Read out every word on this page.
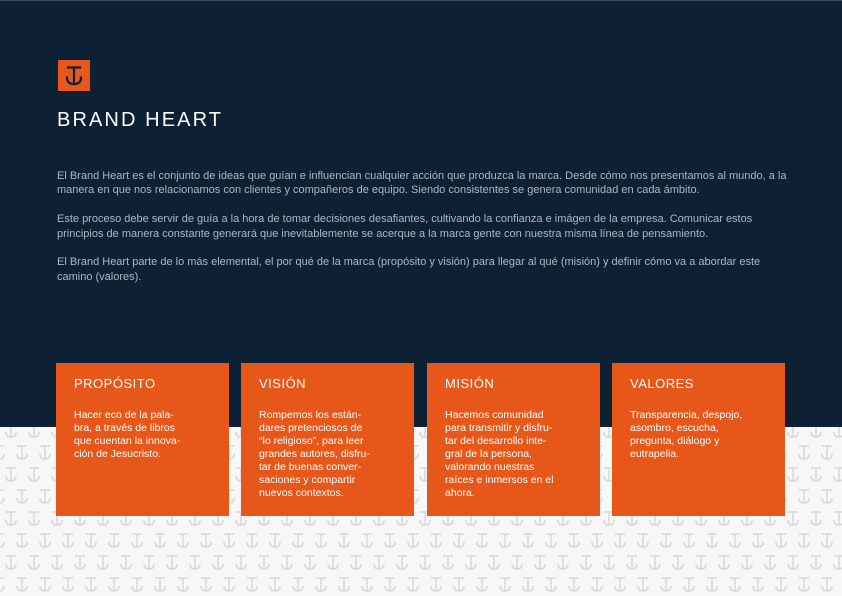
BRAND HEART

El Brand Heart es el conjunto de ideas que guían e influencian cualquier acción que produzca la marca. Desde cómo nos presentamos al mundo, a la manera en que nos relacionamos con clientes y compañeros de equipo. Siendo consistentes se genera comunidad en cada ámbito.

Este proceso debe servir de guía a la hora de tomar decisiones desafiantes, cultivando la confianza e imágen de la empresa. Comunicar estos principios de manera constante generará que inevitablemente se acerque a la marca gente con nuestra misma línea de pensamiento.

El Brand Heart parte de lo más elemental, el por qué de la marca (propósito y visión) para llegar al qué (misión) y definir cómo va a abordar este camino (valores).

PROPÓSITO
Hacer eco de la pala-
bra, a través de libros
que cuentan la innova-
ción de Jesucristo.
VISIÓN
Rompemos los están-
dares pretenciosos de
“lo religioso”, para leer
grandes autores, disfru-
tar de buenas conver-
saciones y compartir
nuevos contextos.
MISIÓN
Hacemos comunidad
para transmitir y disfru-
tar del desarrollo inte-
gral de la persona,
valorando nuestras
raíces e inmersos en el
ahora.
VALORES
Transparencia, despojo,
asombro, escucha,
pregunta, diálogo y
eutrapelia.
